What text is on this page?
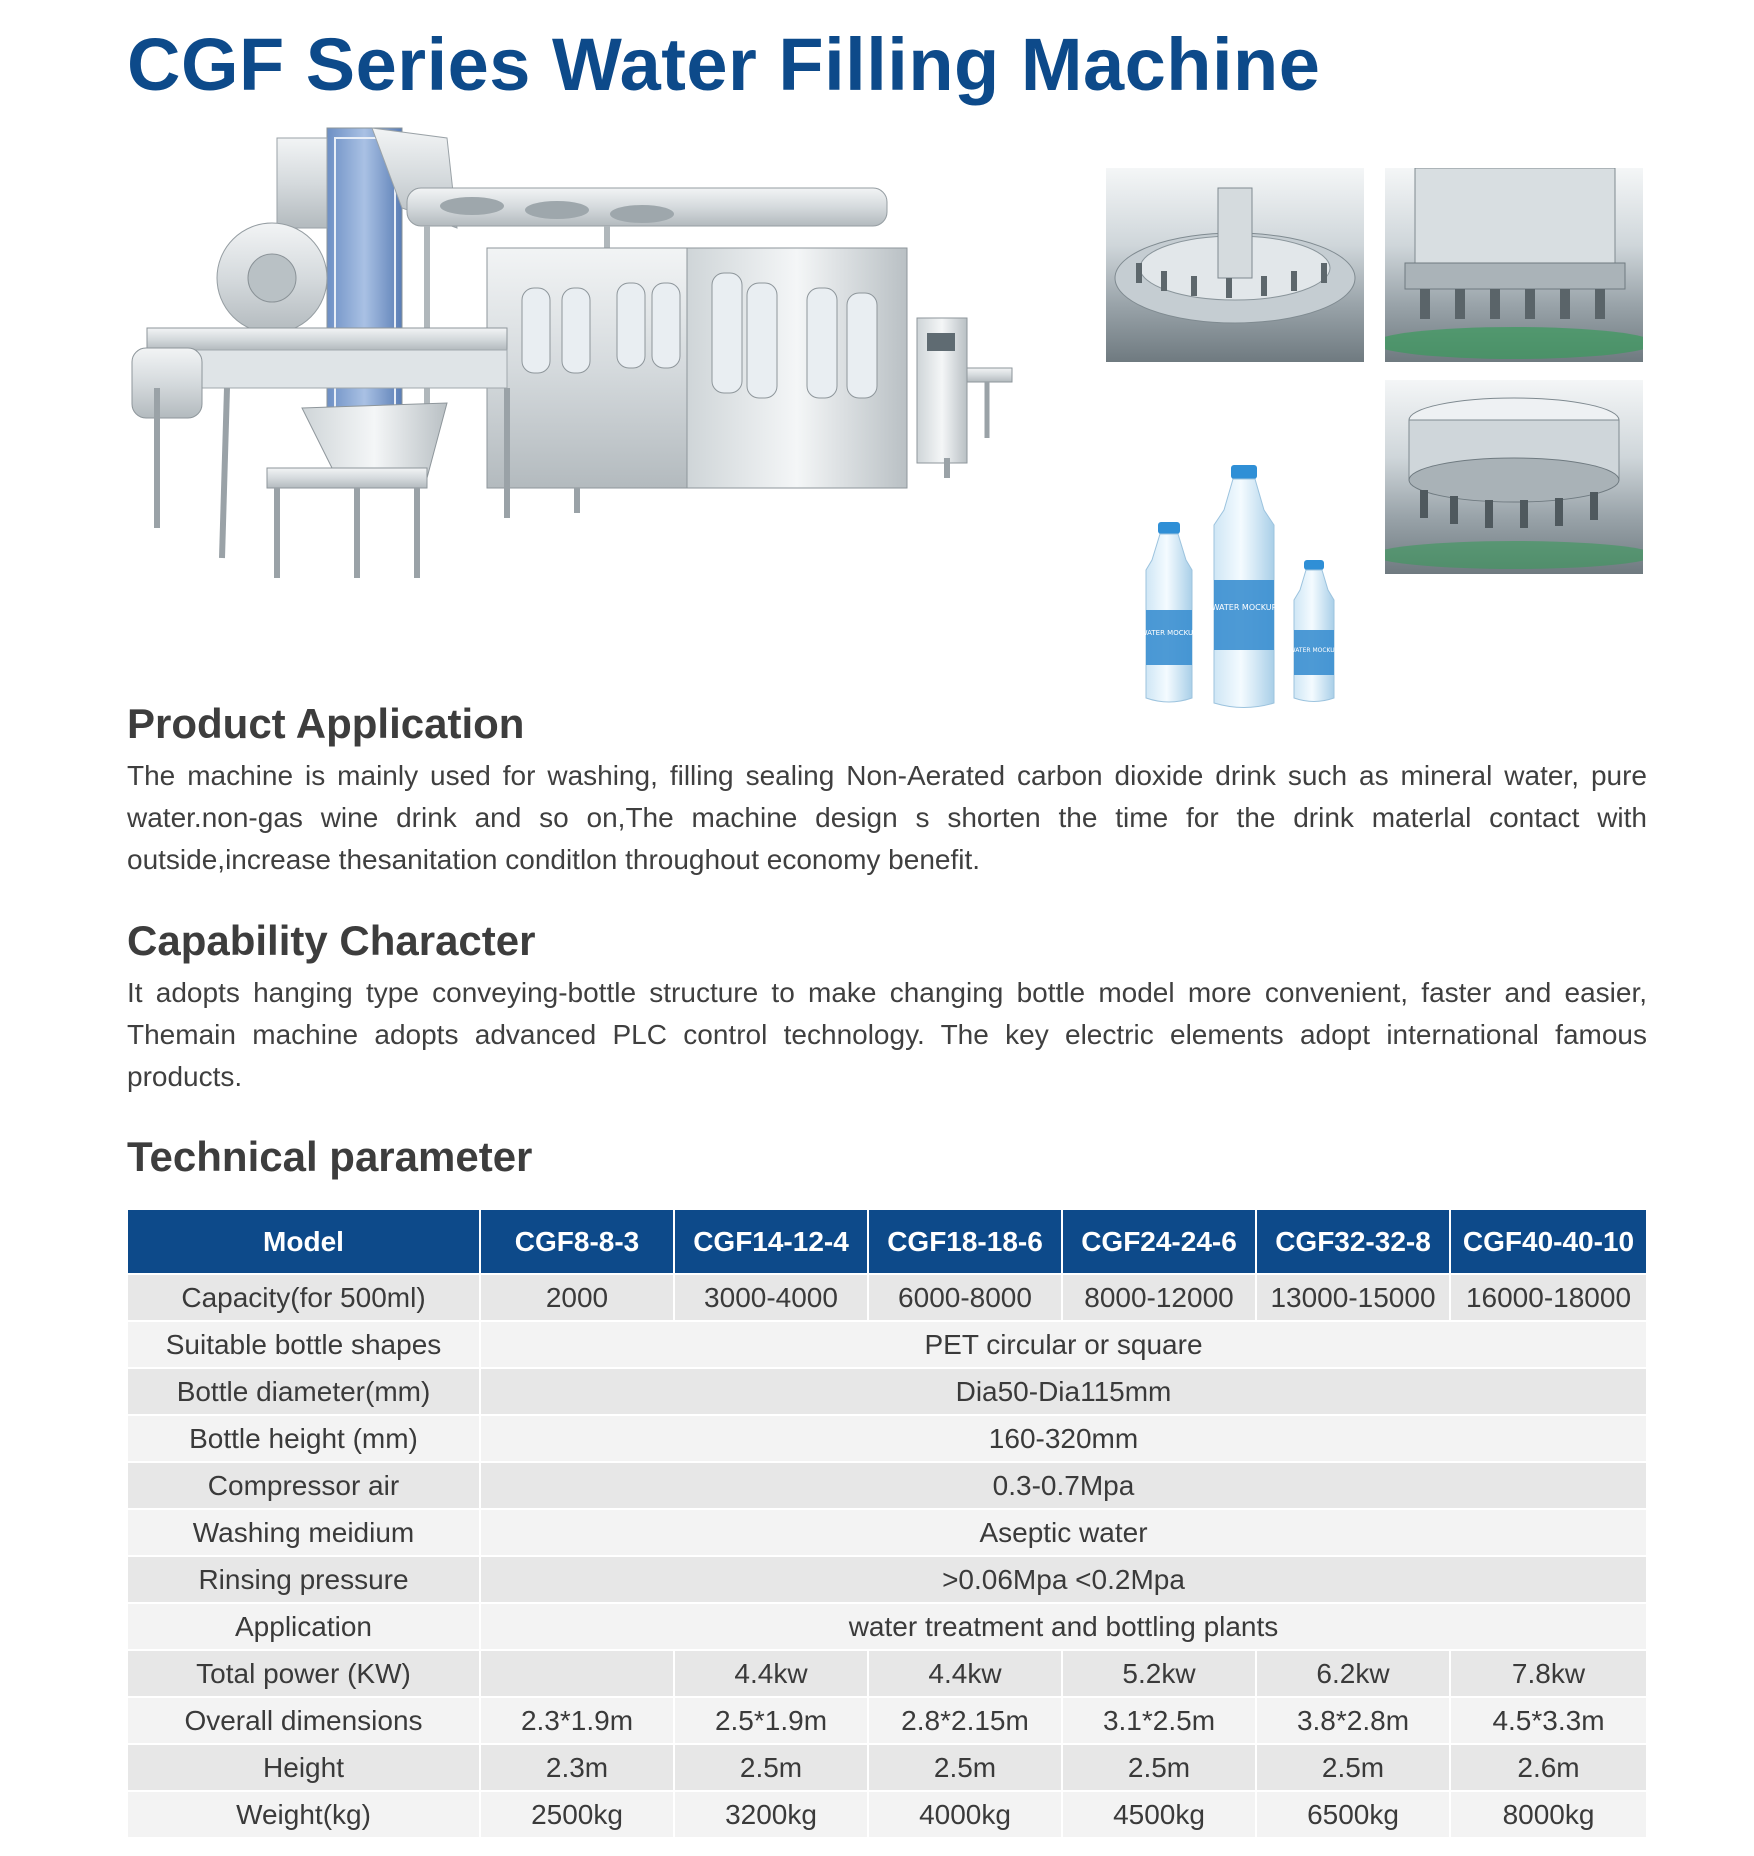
CGF Series Water Filling Machine
WATER MOCKUP
WATER MOCKUP
WATER MOCKUP
Product Application

The machine is mainly used for washing, filling sealing Non-Aerated carbon dioxide drink such as mineral water, pure water.non-gas wine drink and so on,The machine design s shorten the time for the drink materlal contact with outside,increase thesanitation conditlon throughout economy benefit.

Capability Character

It adopts hanging type conveying-bottle structure to make changing bottle model more convenient, faster and easier, Themain machine adopts advanced PLC control technology. The key electric elements adopt international famous products.

Technical parameter
Model	CGF8-8-3	CGF14-12-4	CGF18-18-6	CGF24-24-6	CGF32-32-8	CGF40-40-10
Capacity(for 500ml)	2000	3000-4000	6000-8000	8000-12000	13000-15000	16000-18000
Suitable bottle shapes	PET circular or square					
Bottle diameter(mm)	Dia50-Dia115mm					
Bottle height (mm)	160-320mm					
Compressor air	0.3-0.7Mpa					
Washing meidium	Aseptic water					
Rinsing pressure	>0.06Mpa <0.2Mpa					
Application	water treatment and bottling plants					
Total power (KW)		4.4kw	4.4kw	5.2kw	6.2kw	7.8kw
Overall dimensions	2.3*1.9m	2.5*1.9m	2.8*2.15m	3.1*2.5m	3.8*2.8m	4.5*3.3m
Height	2.3m	2.5m	2.5m	2.5m	2.5m	2.6m
Weight(kg)	2500kg	3200kg	4000kg	4500kg	6500kg	8000kg
